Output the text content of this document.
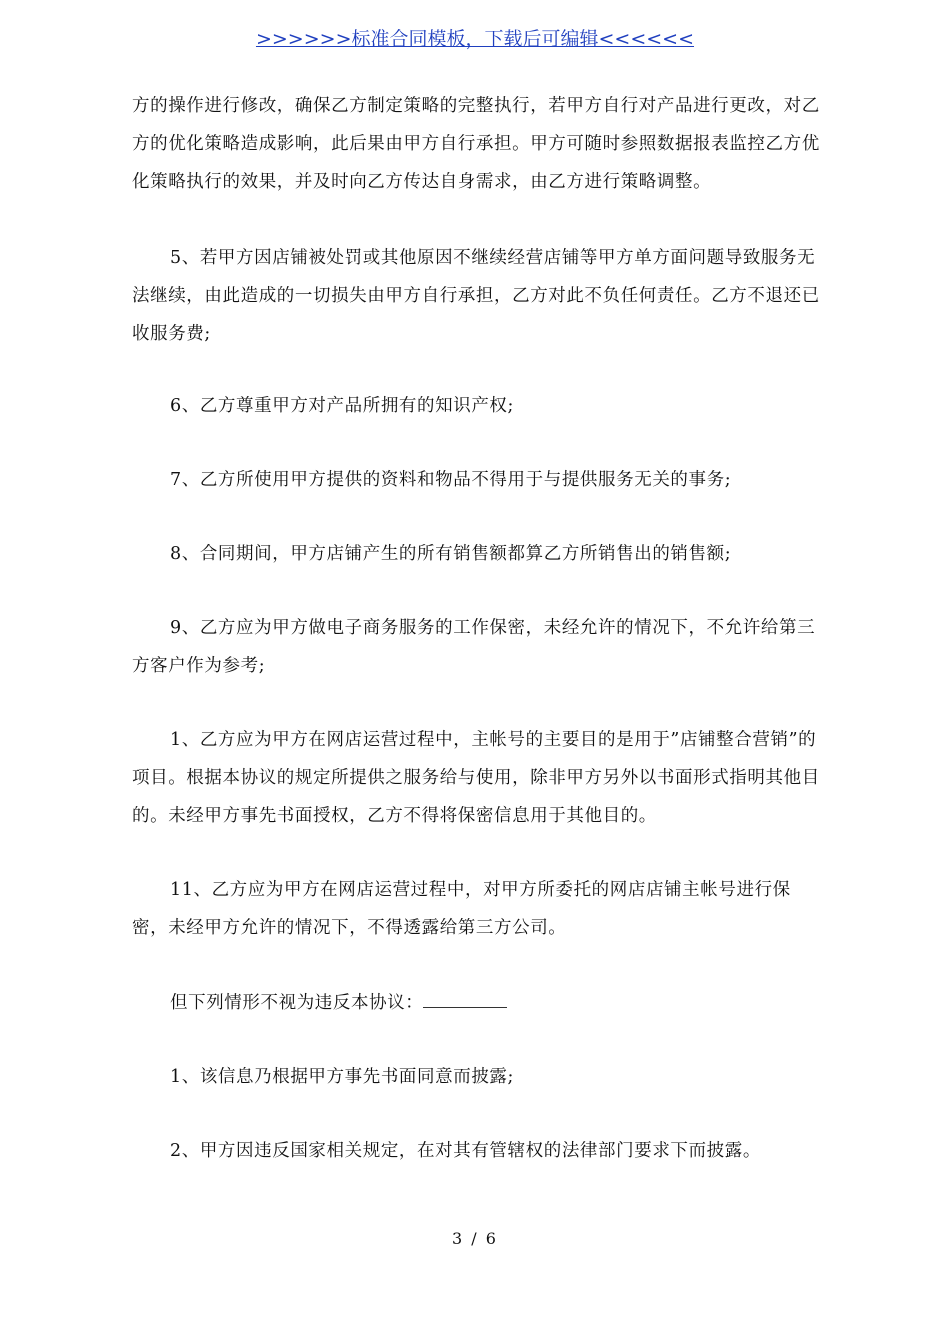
>>>>>>标准合同模板，下载后可编辑<<<<<<

方的操作进行修改，确保乙方制定策略的完整执行，若甲方自行对产品进行更改，对乙方的优化策略造成影响，此后果由甲方自行承担。甲方可随时参照数据报表监控乙方优化策略执行的效果，并及时向乙方传达自身需求，由乙方进行策略调整。

5、若甲方因店铺被处罚或其他原因不继续经营店铺等甲方单方面问题导致服务无法继续，由此造成的一切损失由甲方自行承担，乙方对此不负任何责任。乙方不退还已收服务费;

6、乙方尊重甲方对产品所拥有的知识产权;

7、乙方所使用甲方提供的资料和物品不得用于与提供服务无关的事务;

8、合同期间，甲方店铺产生的所有销售额都算乙方所销售出的销售额;

9、乙方应为甲方做电子商务服务的工作保密，未经允许的情况下，不允许给第三方客户作为参考;

1、乙方应为甲方在网店运营过程中，主帐号的主要目的是用于”店铺整合营销”的项目。根据本协议的规定所提供之服务给与使用，除非甲方另外以书面形式指明其他目的。未经甲方事先书面授权，乙方不得将保密信息用于其他目的。

11、乙方应为甲方在网店运营过程中，对甲方所委托的网店店铺主帐号进行保密，未经甲方允许的情况下，不得透露给第三方公司。

但下列情形不视为违反本协议：

1、该信息乃根据甲方事先书面同意而披露;

2、甲方因违反国家相关规定，在对其有管辖权的法律部门要求下而披露。

3 / 6
